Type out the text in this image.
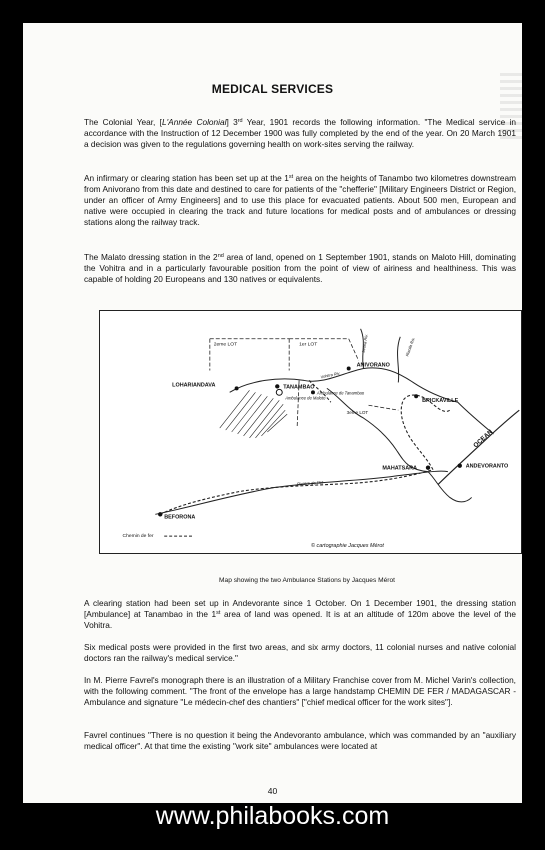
MEDICAL SERVICES

The Colonial Year, [L'Année Colonial] 3rd Year, 1901 records the following information. "The Medical service in accordance with the Instruction of 12 December 1900 was fully completed by the end of the year. On 20 March 1901 a decision was given to the regulations governing health on work-sites serving the railway.

An infirmary or clearing station has been set up at the 1st area on the heights of Tanambo two kilometres downstream from Anivorano from this date and destined to care for patients of the "chefferie" [Military Engineers District or Region, under an officer of Army Engineers] and to use this place for evacuated patients. About 500 men, European and native were occupied in clearing the track and future locations for medical posts and of ambulances or dressing stations along the railway track.

The Malato dressing station in the 2nd area of land, opened on 1 September 1901, stands on Maloto Hill, dominating the Vohitra and in a particularly favourable position from the point of view of airiness and healthiness. This was capable of holding 20 Europeans and 130 natives or equivalents.

2eme LOT	1er LOT
ANIVORANO
LOHARIANDAVA	TANAMBAO
Ambulance de Tanambao
Ambulance de Maloto
3eme LOT
BRICKAVILLE
MAHATSARA	ANDEVORANTO
OCEAN
BEFORONA
Vohitra Riv.
Iaroka Riv.	Rianila Riv.
Rivière de l'Iet
Chemin de fer
© cartographie Jacques Mérot
Map showing the two Ambulance Stations by Jacques Mérot

A clearing station had been set up in Andevorante since 1 October. On 1 December 1901, the dressing station [Ambulance] at Tanambao in the 1st area of land was opened. It is at an altitude of 120m above the level of the Vohitra.

Six medical posts were provided in the first two areas, and six army doctors, 11 colonial nurses and native colonial doctors ran the railway's medical service."

In M. Pierre Favrel's monograph there is an illustration of a Military Franchise cover from M. Michel Varin's collection, with the following comment. "The front of the envelope has a large handstamp CHEMIN DE FER / MADAGASCAR - Ambulance and signature "Le médecin-chef des chantiers" ["chief medical officer for the work sites"].

Favrel continues "There is no question it being the Andevoranto ambulance, which was commanded by an "auxiliary medical officer". At that time the existing "work site" ambulances were located at

40
www.philabooks.com
